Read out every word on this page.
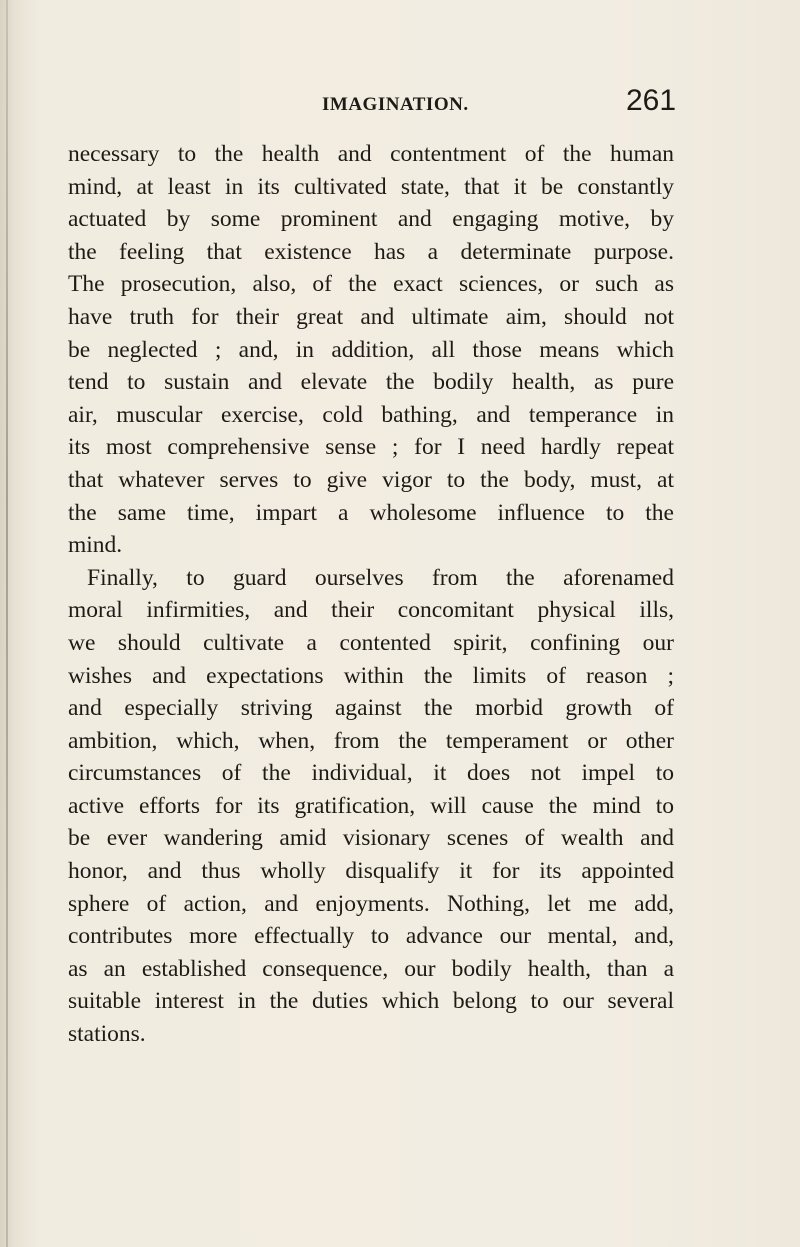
IMAGINATION.	261
necessary to the health and contentment of the human
mind, at least in its cultivated state, that it be constantly
actuated by some prominent and engaging motive, by
the feeling that existence has a determinate purpose.
The prosecution, also, of the exact sciences, or such as
have truth for their great and ultimate aim, should not
be neglected ; and, in addition, all those means which
tend to sustain and elevate the bodily health, as pure
air, muscular exercise, cold bathing, and temperance in
its most comprehensive sense ; for I need hardly repeat
that whatever serves to give vigor to the body, must, at
the same time, impart a wholesome influence to the
mind.
Finally, to guard ourselves from the aforenamed
moral infirmities, and their concomitant physical ills,
we should cultivate a contented spirit, confining our
wishes and expectations within the limits of reason ;
and especially striving against the morbid growth of
ambition, which, when, from the temperament or other
circumstances of the individual, it does not impel to
active efforts for its gratification, will cause the mind to
be ever wandering amid visionary scenes of wealth and
honor, and thus wholly disqualify it for its appointed
sphere of action, and enjoyments. Nothing, let me add,
contributes more effectually to advance our mental, and,
as an established consequence, our bodily health, than a
suitable interest in the duties which belong to our several
stations.
